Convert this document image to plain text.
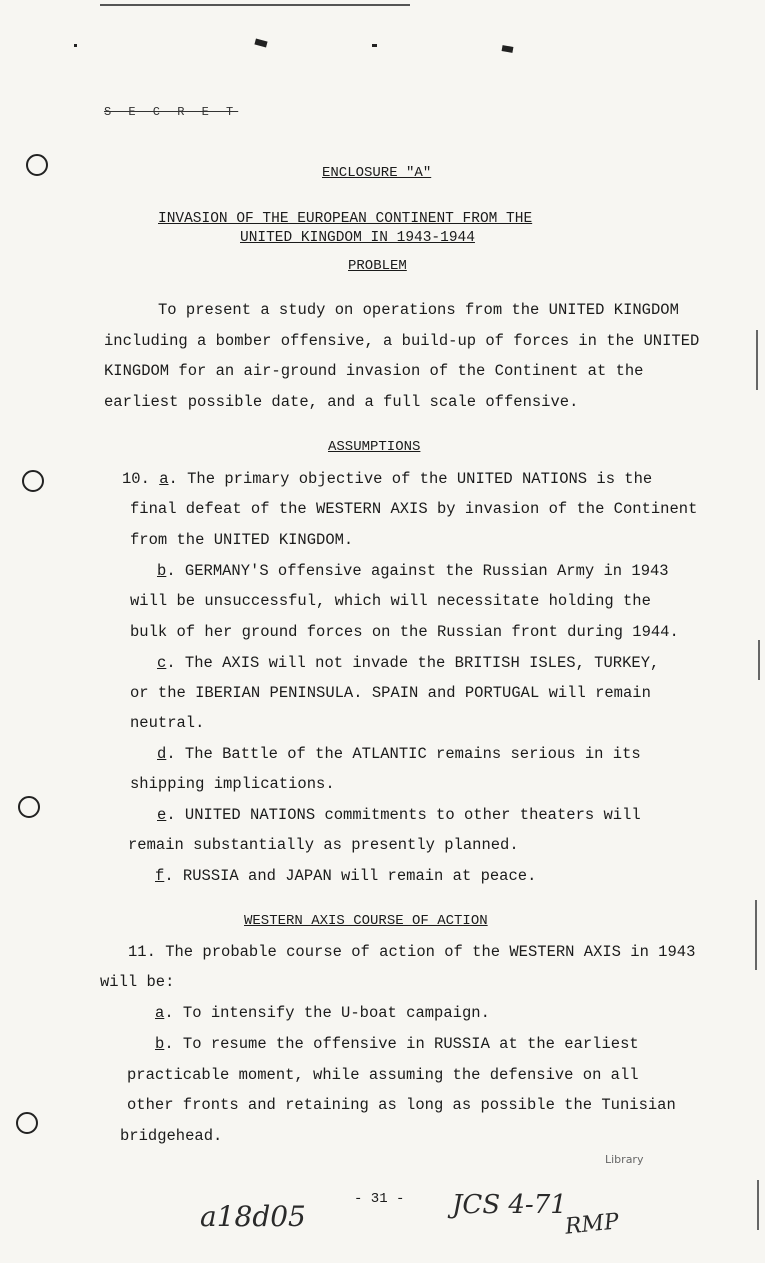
S E C R E T
ENCLOSURE "A"
INVASION OF THE EUROPEAN CONTINENT FROM THE
UNITED KINGDOM IN 1943-1944
PROBLEM
To present a study on operations from the UNITED KINGDOM
including a bomber offensive, a build-up of forces in the UNITED
KINGDOM for an air-ground invasion of the Continent at the
earliest possible date, and a full scale offensive.
ASSUMPTIONS
10. a. The primary objective of the UNITED NATIONS is the
final defeat of the WESTERN AXIS by invasion of the Continent
from the UNITED KINGDOM.
b. GERMANY'S offensive against the Russian Army in 1943
will be unsuccessful, which will necessitate holding the
bulk of her ground forces on the Russian front during 1944.
c. The AXIS will not invade the BRITISH ISLES, TURKEY,
or the IBERIAN PENINSULA. SPAIN and PORTUGAL will remain
neutral.
d. The Battle of the ATLANTIC remains serious in its
shipping implications.
e. UNITED NATIONS commitments to other theaters will
remain substantially as presently planned.
f. RUSSIA and JAPAN will remain at peace.
WESTERN AXIS COURSE OF ACTION
11. The probable course of action of the WESTERN AXIS in 1943
will be:
a. To intensify the U-boat campaign.
b. To resume the offensive in RUSSIA at the earliest
practicable moment, while assuming the defensive on all
other fronts and retaining as long as possible the Tunisian
bridgehead.
Library
a18d05
- 31 - JCS 4-71
RMP
